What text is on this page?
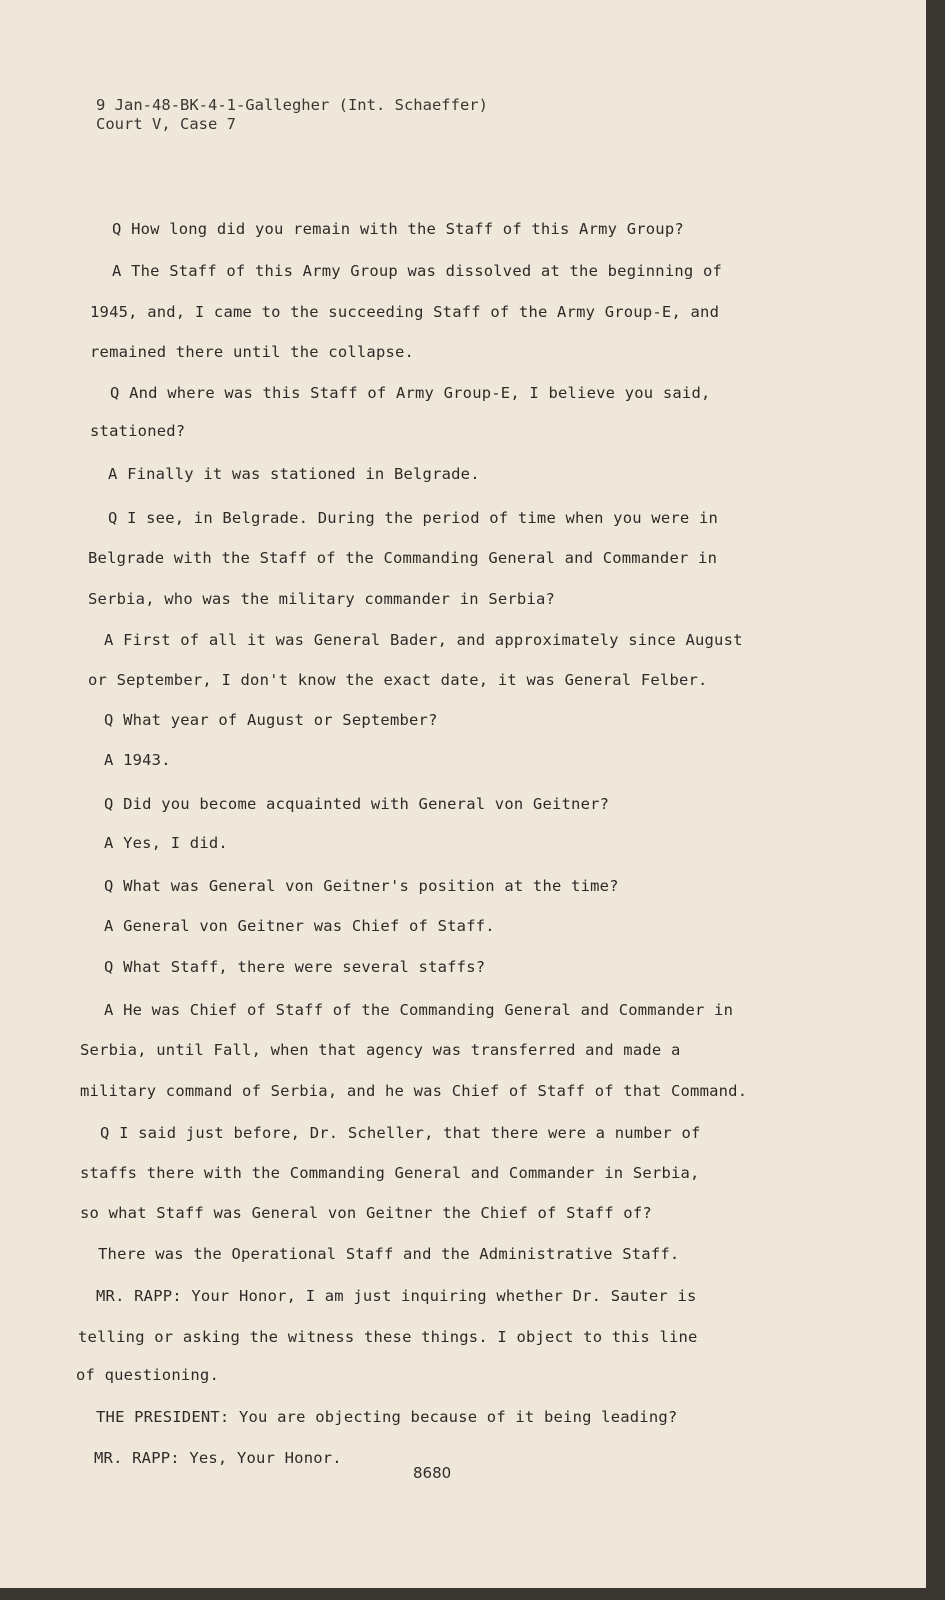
9 Jan-48-BK-4-1-Gallegher (Int. Schaeffer)
Court V, Case 7
Q How long did you remain with the Staff of this Army Group?
A The Staff of this Army Group was dissolved at the beginning of
1945, and, I came to the succeeding Staff of the Army Group-E, and
remained there until the collapse.
Q And where was this Staff of Army Group-E, I believe you said,
stationed?
A Finally it was stationed in Belgrade.
Q I see, in Belgrade. During the period of time when you were in
Belgrade with the Staff of the Commanding General and Commander in
Serbia, who was the military commander in Serbia?
A First of all it was General Bader, and approximately since August
or September, I don't know the exact date, it was General Felber.
Q What year of August or September?
A 1943.
Q Did you become acquainted with General von Geitner?
A Yes, I did.
Q What was General von Geitner's position at the time?
A General von Geitner was Chief of Staff.
Q What Staff, there were several staffs?
A He was Chief of Staff of the Commanding General and Commander in
Serbia, until Fall, when that agency was transferred and made a
military command of Serbia, and he was Chief of Staff of that Command.
Q I said just before, Dr. Scheller, that there were a number of
staffs there with the Commanding General and Commander in Serbia,
so what Staff was General von Geitner the Chief of Staff of?
There was the Operational Staff and the Administrative Staff.
MR. RAPP: Your Honor, I am just inquiring whether Dr. Sauter is
telling or asking the witness these things. I object to this line
of questioning.
THE PRESIDENT: You are objecting because of it being leading?
MR. RAPP: Yes, Your Honor.
8680
